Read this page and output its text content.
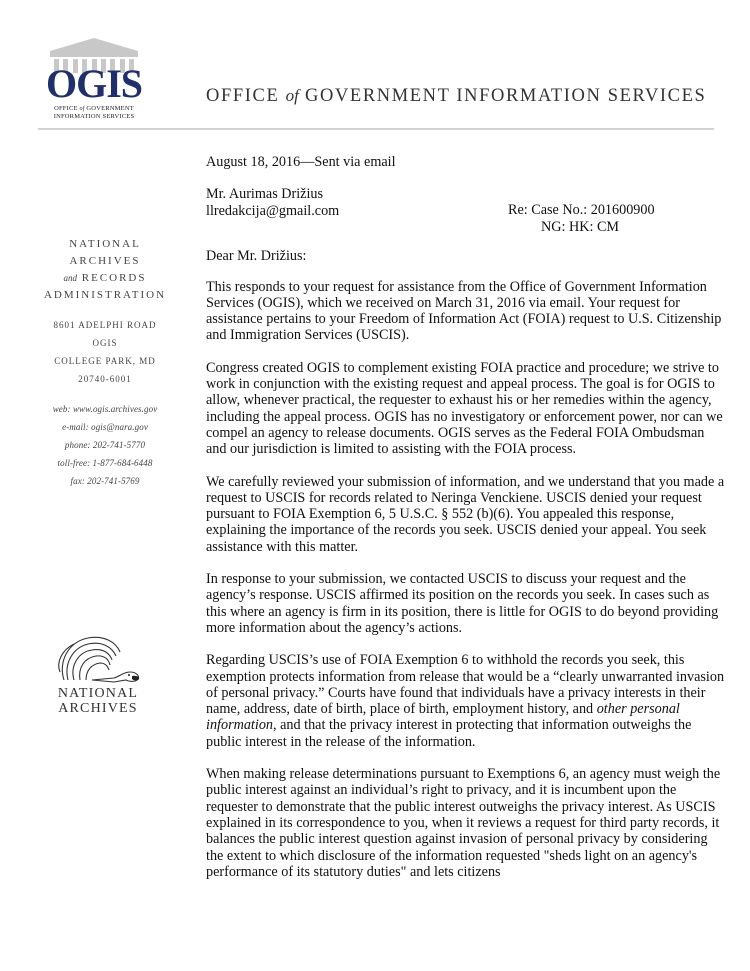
OGIS
OFFICE of GOVERNMENT
INFORMATION SERVICES
OFFICE of GOVERNMENT INFORMATION SERVICES
NATIONAL
ARCHIVES
and RECORDS
ADMINISTRATION
8601 ADELPHI ROAD
OGIS
COLLEGE PARK, MD
20740-6001
web: www.ogis.archives.gov
e-mail: ogis@nara.gov
phone: 202-741-5770
toll-free: 1-877-684-6448
fax: 202-741-5769
NATIONAL
ARCHIVES

August 18, 2016—Sent via email

Mr. Aurimas Drižius
llredakcija@gmail.com	Re: Case No.: 201600900
NG: HK: CM

Dear Mr. Drižius:

This responds to your request for assistance from the Office of Government Information Services (OGIS), which we received on March 31, 2016 via email. Your request for assistance pertains to your Freedom of Information Act (FOIA) request to U.S. Citizenship and Immigration Services (USCIS).

Congress created OGIS to complement existing FOIA practice and procedure; we strive to work in conjunction with the existing request and appeal process. The goal is for OGIS to allow, whenever practical, the requester to exhaust his or her remedies within the agency, including the appeal process. OGIS has no investigatory or enforcement power, nor can we compel an agency to release documents. OGIS serves as the Federal FOIA Ombudsman and our jurisdiction is limited to assisting with the FOIA process.

We carefully reviewed your submission of information, and we understand that you made a request to USCIS for records related to Neringa Venckiene. USCIS denied your request pursuant to FOIA Exemption 6, 5 U.S.C. § 552 (b)(6). You appealed this response, explaining the importance of the records you seek. USCIS denied your appeal. You seek assistance with this matter.

In response to your submission, we contacted USCIS to discuss your request and the agency’s response. USCIS affirmed its position on the records you seek. In cases such as this where an agency is firm in its position, there is little for OGIS to do beyond providing more information about the agency’s actions.

Regarding USCIS’s use of FOIA Exemption 6 to withhold the records you seek, this exemption protects information from release that would be a “clearly unwarranted invasion of personal privacy.” Courts have found that individuals have a privacy interests in their name, address, date of birth, place of birth, employment history, and other personal information, and that the privacy interest in protecting that information outweighs the public interest in the release of the information.

When making release determinations pursuant to Exemptions 6, an agency must weigh the public interest against an individual’s right to privacy, and it is incumbent upon the requester to demonstrate that the public interest outweighs the privacy interest. As USCIS explained in its correspondence to you, when it reviews a request for third party records, it balances the public interest question against invasion of personal privacy by considering the extent to which disclosure of the information requested "sheds light on an agency's performance of its statutory duties" and lets citizens
